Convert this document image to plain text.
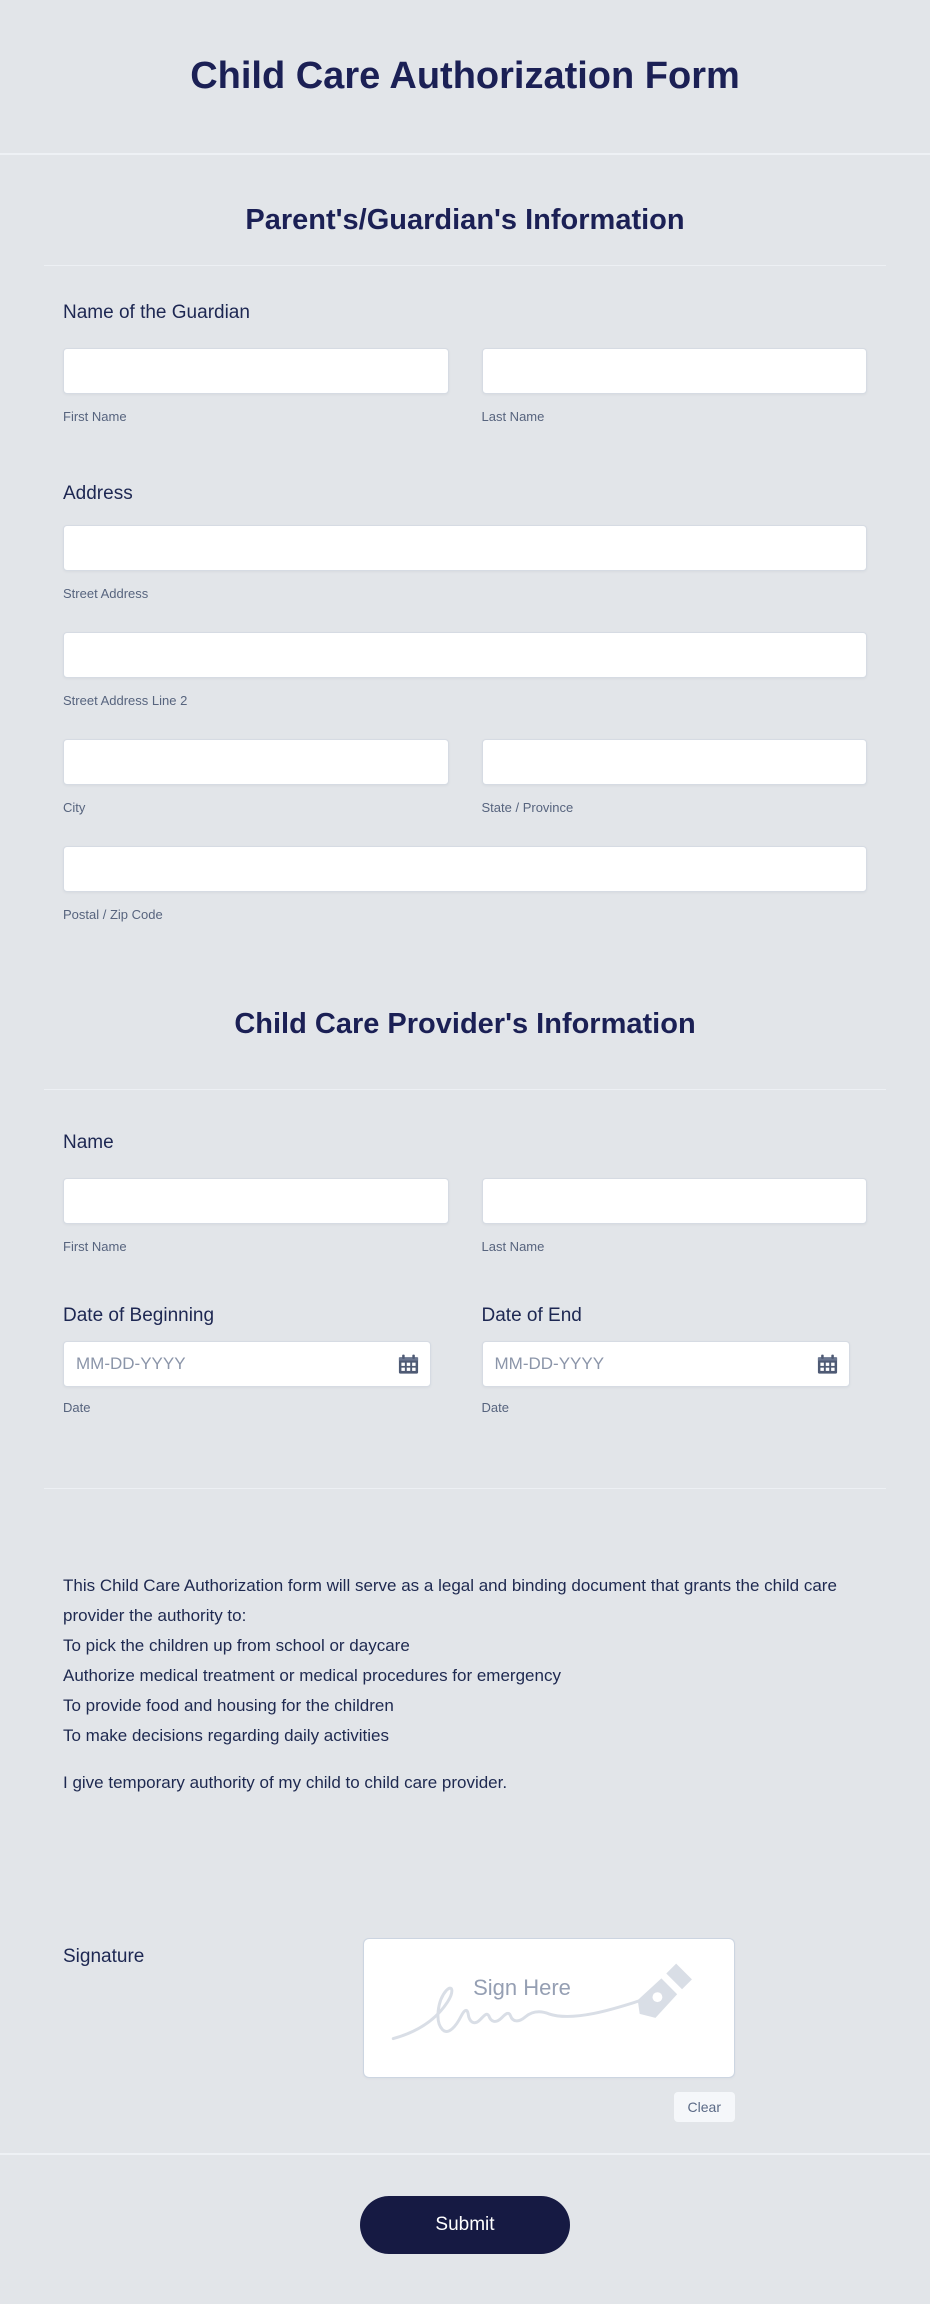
Child Care Authorization Form
Parent's/Guardian's Information
Name of the Guardian
First Name	Last Name
Address
Street Address
Street Address Line 2
City	State / Province
Postal / Zip Code
Child Care Provider's Information
Name
First Name	Last Name
Date of Beginning
MM-DD-YYYY
Date
Date of End
MM-DD-YYYY
Date
This Child Care Authorization form will serve as a legal and binding document that grants the child care provider the authority to:
To pick the children up from school or daycare
Authorize medical treatment or medical procedures for emergency
To provide food and housing for the children
To make decisions regarding daily activities
I give temporary authority of my child to child care provider.
Signature
Sign Here
Clear
Submit
